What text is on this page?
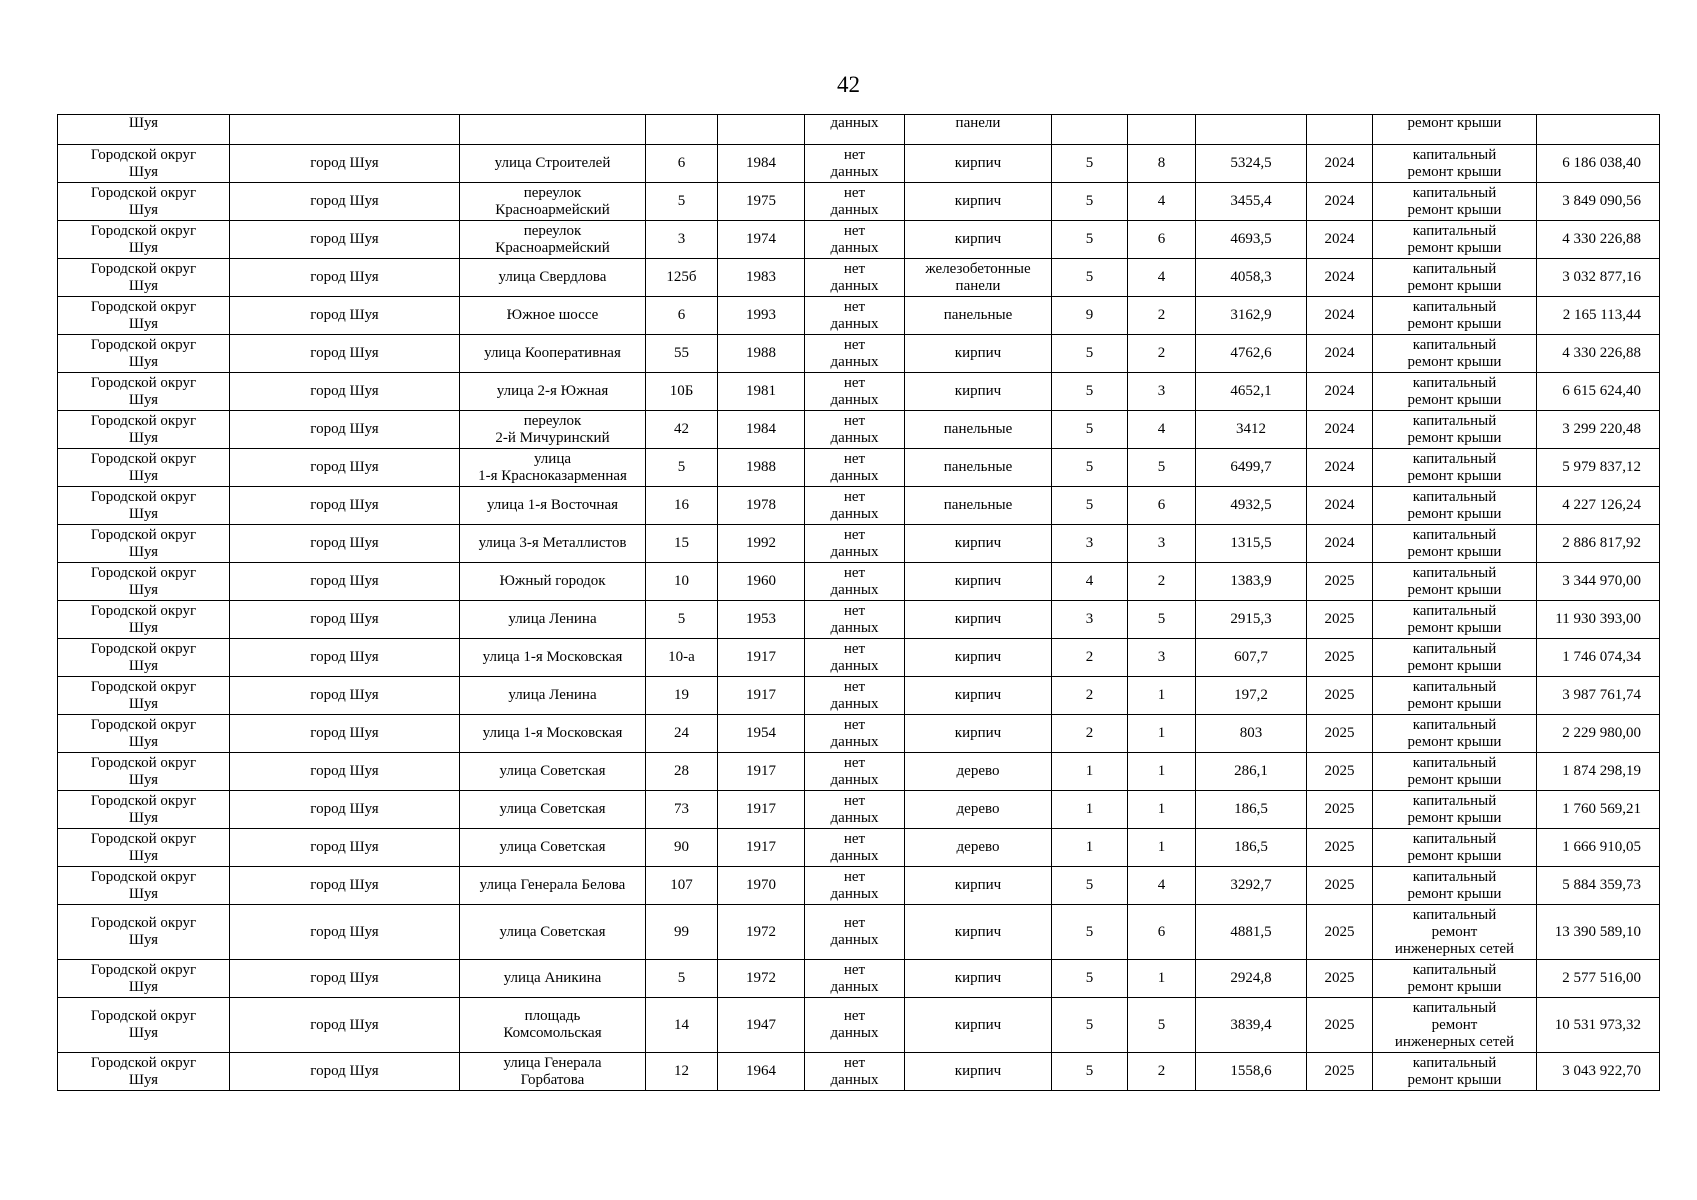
42
Шуя					данных	панели					ремонт крыши	

Городской округ
Шуя	город Шуя	улица Строителей	6	1984	нет
данных	кирпич	5	8	5324,5	2024	капитальный
ремонт крыши	6 186 038,40

Городской округ
Шуя	город Шуя	переулок
Красноармейский	5	1975	нет
данных	кирпич	5	4	3455,4	2024	капитальный
ремонт крыши	3 849 090,56

Городской округ
Шуя	город Шуя	переулок
Красноармейский	3	1974	нет
данных	кирпич	5	6	4693,5	2024	капитальный
ремонт крыши	4 330 226,88

Городской округ
Шуя	город Шуя	улица Свердлова	125б	1983	нет
данных	железобетонные
панели	5	4	4058,3	2024	капитальный
ремонт крыши	3 032 877,16

Городской округ
Шуя	город Шуя	Южное шоссе	6	1993	нет
данных	панельные	9	2	3162,9	2024	капитальный
ремонт крыши	2 165 113,44

Городской округ
Шуя	город Шуя	улица Кооперативная	55	1988	нет
данных	кирпич	5	2	4762,6	2024	капитальный
ремонт крыши	4 330 226,88

Городской округ
Шуя	город Шуя	улица 2-я Южная	10Б	1981	нет
данных	кирпич	5	3	4652,1	2024	капитальный
ремонт крыши	6 615 624,40

Городской округ
Шуя	город Шуя	переулок
2-й Мичуринский	42	1984	нет
данных	панельные	5	4	3412	2024	капитальный
ремонт крыши	3 299 220,48

Городской округ
Шуя	город Шуя	улица
1-я Красноказарменная	5	1988	нет
данных	панельные	5	5	6499,7	2024	капитальный
ремонт крыши	5 979 837,12

Городской округ
Шуя	город Шуя	улица 1-я Восточная	16	1978	нет
данных	панельные	5	6	4932,5	2024	капитальный
ремонт крыши	4 227 126,24

Городской округ
Шуя	город Шуя	улица 3-я Металлистов	15	1992	нет
данных	кирпич	3	3	1315,5	2024	капитальный
ремонт крыши	2 886 817,92

Городской округ
Шуя	город Шуя	Южный городок	10	1960	нет
данных	кирпич	4	2	1383,9	2025	капитальный
ремонт крыши	3 344 970,00

Городской округ
Шуя	город Шуя	улица Ленина	5	1953	нет
данных	кирпич	3	5	2915,3	2025	капитальный
ремонт крыши	11 930 393,00

Городской округ
Шуя	город Шуя	улица 1-я Московская	10-а	1917	нет
данных	кирпич	2	3	607,7	2025	капитальный
ремонт крыши	1 746 074,34

Городской округ
Шуя	город Шуя	улица Ленина	19	1917	нет
данных	кирпич	2	1	197,2	2025	капитальный
ремонт крыши	3 987 761,74

Городской округ
Шуя	город Шуя	улица 1-я Московская	24	1954	нет
данных	кирпич	2	1	803	2025	капитальный
ремонт крыши	2 229 980,00

Городской округ
Шуя	город Шуя	улица Советская	28	1917	нет
данных	дерево	1	1	286,1	2025	капитальный
ремонт крыши	1 874 298,19

Городской округ
Шуя	город Шуя	улица Советская	73	1917	нет
данных	дерево	1	1	186,5	2025	капитальный
ремонт крыши	1 760 569,21

Городской округ
Шуя	город Шуя	улица Советская	90	1917	нет
данных	дерево	1	1	186,5	2025	капитальный
ремонт крыши	1 666 910,05

Городской округ
Шуя	город Шуя	улица Генерала Белова	107	1970	нет
данных	кирпич	5	4	3292,7	2025	капитальный
ремонт крыши	5 884 359,73

Городской округ
Шуя	город Шуя	улица Советская	99	1972	нет
данных	кирпич	5	6	4881,5	2025	капитальный
ремонт
инженерных сетей	13 390 589,10

Городской округ
Шуя	город Шуя	улица Аникина	5	1972	нет
данных	кирпич	5	1	2924,8	2025	капитальный
ремонт крыши	2 577 516,00

Городской округ
Шуя	город Шуя	площадь
Комсомольская	14	1947	нет
данных	кирпич	5	5	3839,4	2025	капитальный
ремонт
инженерных сетей	10 531 973,32

Городской округ
Шуя	город Шуя	улица Генерала
Горбатова	12	1964	нет
данных	кирпич	5	2	1558,6	2025	капитальный
ремонт крыши	3 043 922,70
